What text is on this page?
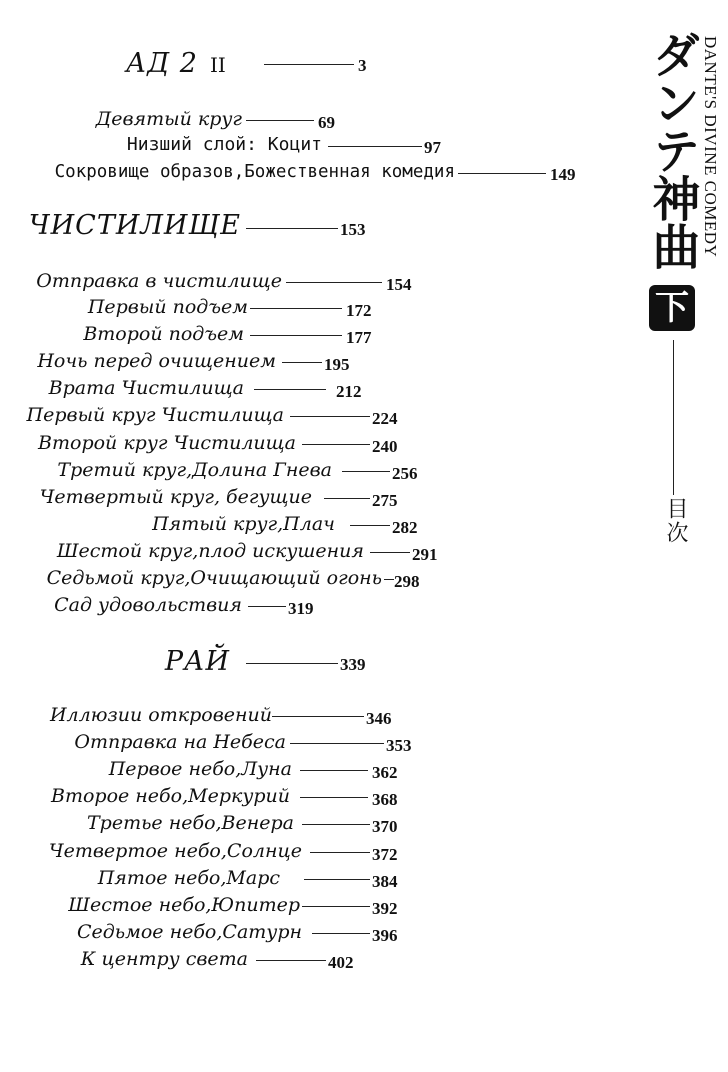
АД 2	3
II
ЧИСТИЛИЩЕ	153
РАЙ	339
Девятый круг	69
Низший слой: Коцит	97
Сокровище образов,Божественная комедия	149
Отправка в чистилище	154
Первый подъем	172
Второй подъем	177
Ночь перед очищением	195
Врата Чистилища	212
Первый круг Чистилища	224
Второй круг Чистилища	240
Третий круг,Долина Гнева	256
Четвертый круг, бегущие	275
Пятый круг,Плач	282
Шестой круг,плод искушения	291
Седьмой круг,Очищающий огонь 298
Сад удовольствия	319
Иллюзии откровений	346
Отправка на Небеса	353
Первое небо,Луна	362
Второе небо,Меркурий	368
Третье небо,Венера	370
Четвертое небо,Солнце	372
Пятое небо,Марс	384
Шестое небо,Юпитер	392
Седьмое небо,Сатурн	396
К центру света	402
ダンテ神曲 DANTE'S DIVINE COMEDY
下
目次
